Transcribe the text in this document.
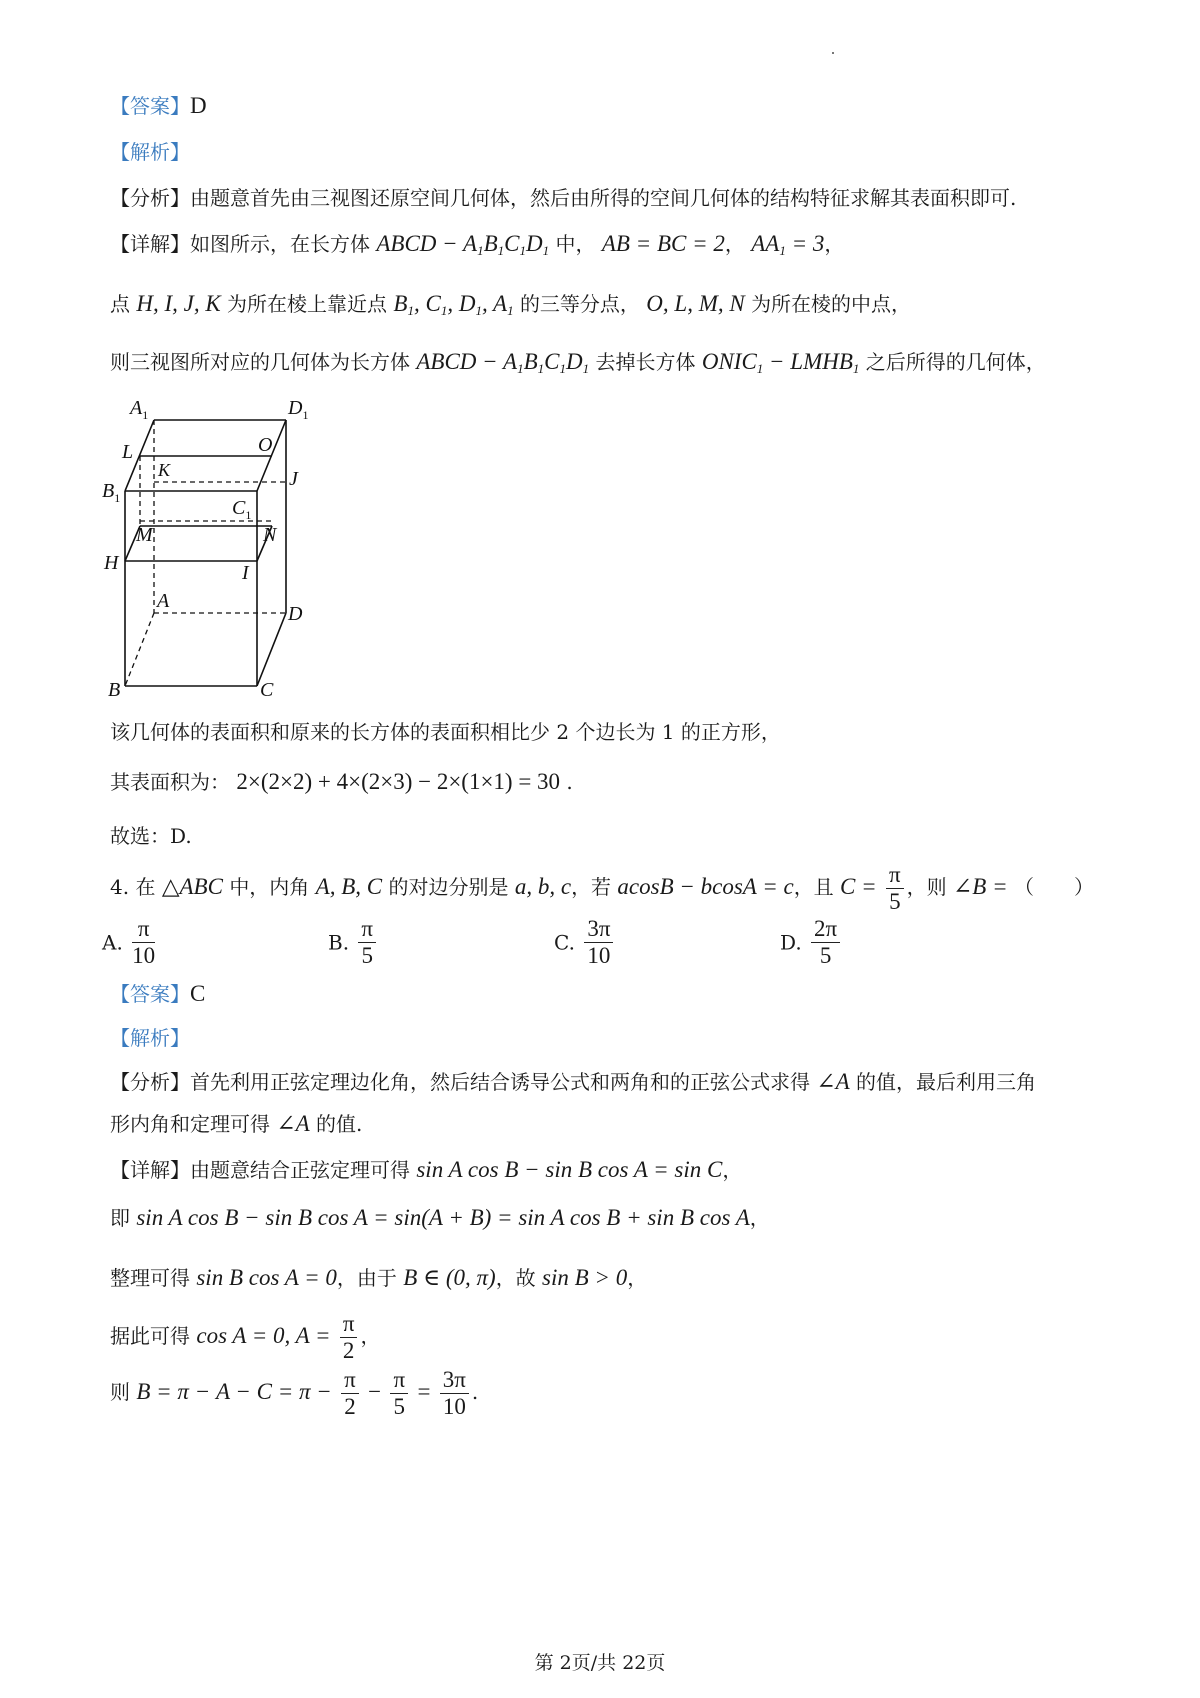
【答案】D
【解析】
【分析】由题意首先由三视图还原空间几何体，然后由所得的空间几何体的结构特征求解其表面积即可.
【详解】如图所示，在长方体 ABCD − $A_1B_1C_1D_1$ 中， AB = BC = 2， $AA_1 = 3$，
点 H, I, J, K 为所在棱上靠近点 $B_1$, $C_1$, $D_1$, $A_1$ 的三等分点， O, L, M, N 为所在棱的中点，
则三视图所对应的几何体为长方体 ABCD − $A_1B_1C_1D_1$ 去掉长方体 $ONIC_1$ − $LMHB_1$ 之后所得的几何体，
$A_1$	$D_1$
L	O
K	J
$B_1$	$C_1$
M	N
H	I
A
D
B	C
该几何体的表面积和原来的长方体的表面积相比少 2 个边长为 1 的正方形，
其表面积为： 2×(2×2) + 4×(2×3) − 2×(1×1) = 30 .
故选：D.
4. 在 △ABC 中，内角 A, B, C 的对边分别是 a, b, c，若 acosB − bcosA = c，且 $C = \frac{\pi}{5}$ ，则 ∠B = （　　）
A. $\frac{\pi}{10}$	B. $\frac{\pi}{5}$	C. $\frac{3\pi}{10}$	D. $\frac{2\pi}{5}$
【答案】C
【解析】
【分析】首先利用正弦定理边化角，然后结合诱导公式和两角和的正弦公式求得 ∠A 的值，最后利用三角
形内角和定理可得 ∠A 的值.
【详解】由题意结合正弦定理可得 sin A cos B − sin B cos A = sin C，
即 sin A cos B − sin B cos A = sin(A + B) = sin A cos B + sin B cos A，
整理可得 sin B cos A = 0，由于 B ∈ (0, π)，故 sin B > 0，
据此可得 cos A = 0, $A = \frac{\pi}{2}$ ，
则 $B = \pi - A - C = \pi - \frac{\pi}{2} - \frac{\pi}{5} = \frac{3\pi}{10}$ .
第 2页/共 22页
